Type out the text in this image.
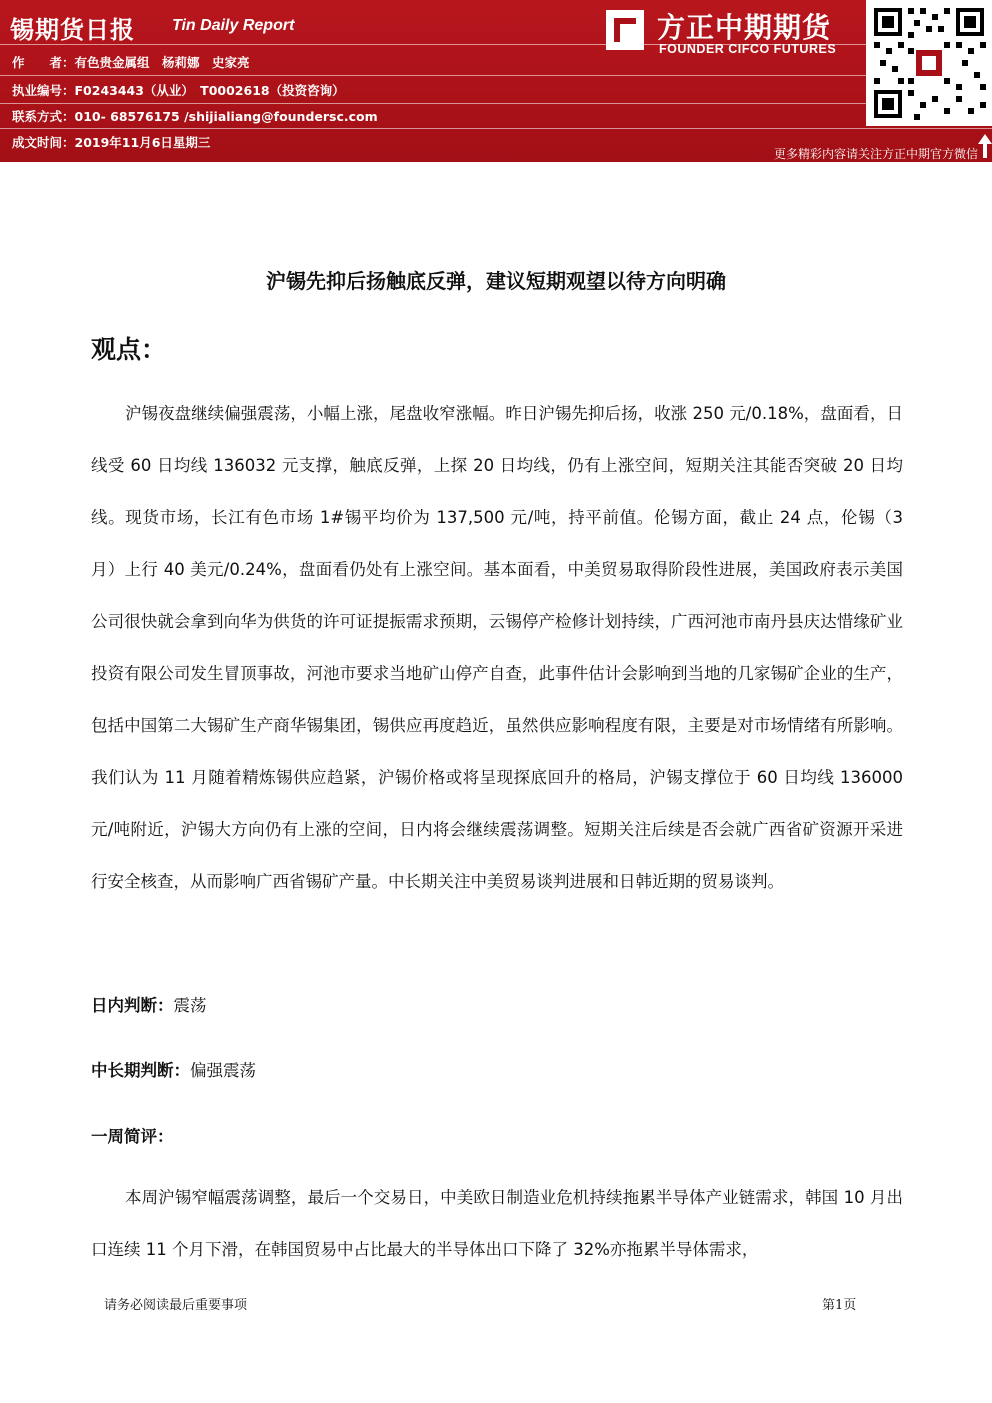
锡期货日报 Tin Daily Report
作　　者：有色贵金属组　杨莉娜　史家亮
执业编号：F0243443（从业）　T0002618（投资咨询）
联系方式：010- 68576175 /shijialiang@foundersc.com
成文时间：2019年11月6日星期三
方正中期期货
FOUNDER CIFCO FUTURES
更多精彩内容请关注方正中期官方微信
沪锡先抑后扬触底反弹，建议短期观望以待方向明确
观点：
沪锡夜盘继续偏强震荡，小幅上涨，尾盘收窄涨幅。昨日沪锡先抑后扬，收涨 250 元/0.18%，盘面看，日线受 60 日均线 136032 元支撑，触底反弹，上探 20 日均线，仍有上涨空间，短期关注其能否突破 20 日均线。现货市场，长江有色市场 1#锡平均价为 137,500 元/吨，持平前值。伦锡方面，截止 24 点，伦锡（3 月）上行 40 美元/0.24%，盘面看仍处有上涨空间。基本面看，中美贸易取得阶段性进展，美国政府表示美国公司很快就会拿到向华为供货的许可证提振需求预期，云锡停产检修计划持续，广西河池市南丹县庆达惜缘矿业投资有限公司发生冒顶事故，河池市要求当地矿山停产自查，此事件估计会影响到当地的几家锡矿企业的生产，包括中国第二大锡矿生产商华锡集团，锡供应再度趋近，虽然供应影响程度有限，主要是对市场情绪有所影响。我们认为 11 月随着精炼锡供应趋紧，沪锡价格或将呈现探底回升的格局，沪锡支撑位于 60 日均线 136000 元/吨附近，沪锡大方向仍有上涨的空间，日内将会继续震荡调整。短期关注后续是否会就广西省矿资源开采进行安全核查，从而影响广西省锡矿产量。中长期关注中美贸易谈判进展和日韩近期的贸易谈判。
日内判断：震荡
中长期判断：偏强震荡
一周简评：
本周沪锡窄幅震荡调整，最后一个交易日，中美欧日制造业危机持续拖累半导体产业链需求，韩国 10 月出口连续 11 个月下滑，在韩国贸易中占比最大的半导体出口下降了 32%亦拖累半导体需求，
请务必阅读最后重要事项	第1页
